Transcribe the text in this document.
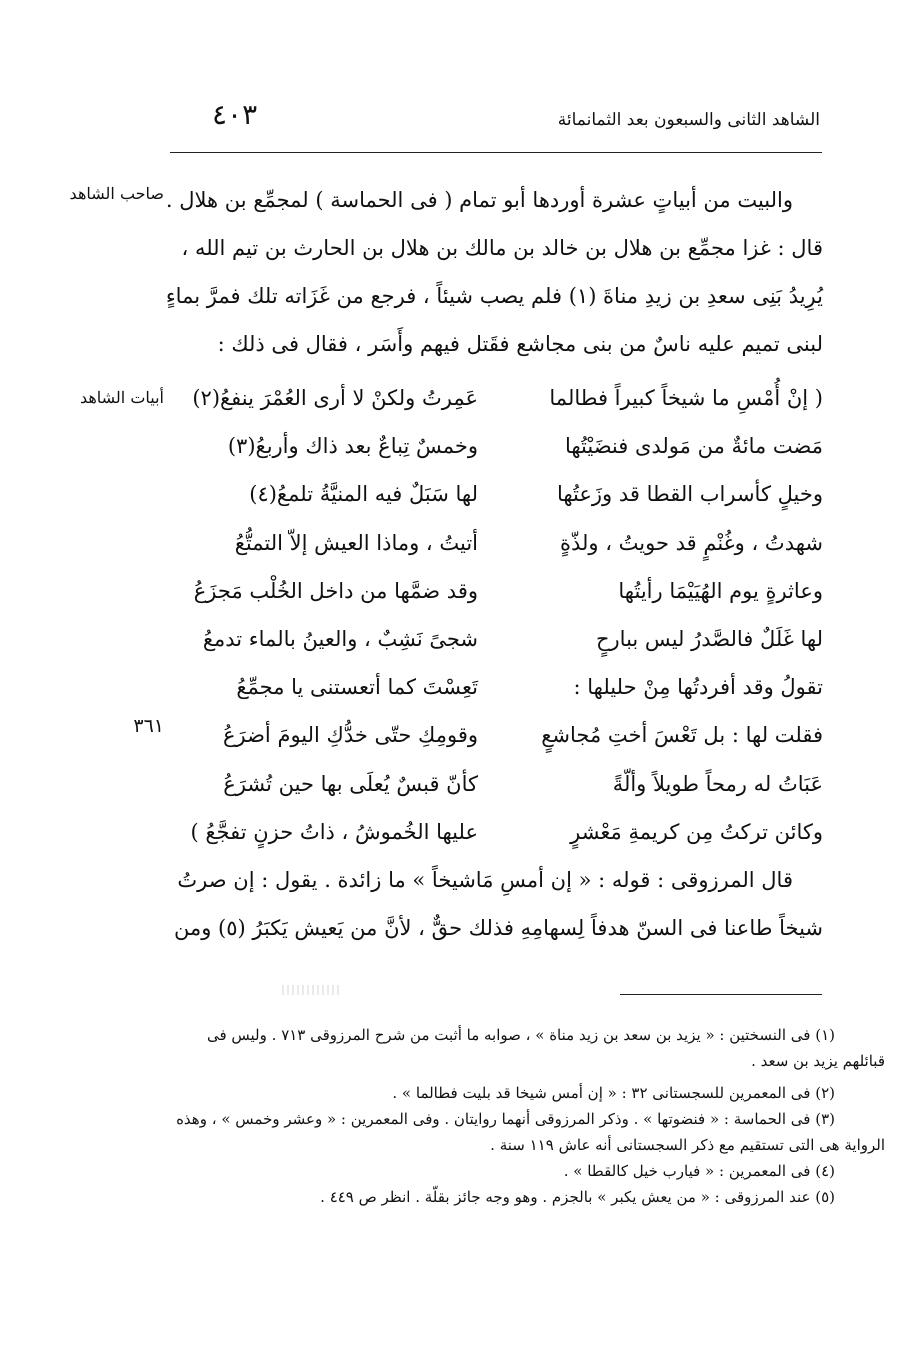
الشاهد الثانى والسبعون بعد الثمانمائة
٤٠٣
صاحب الشاهد
أبيات الشاهد
٣٦١

والبيت من أبياتٍ عشرة أوردها أبو تمام ( فى الحماسة ) لمجمِّع بن هلال .

قال : غزا مجمِّع بن هلال بن خالد بن مالك بن هلال بن الحارث بن تيم الله ،

يُرِيدُ بَنِى سعدِ بن زيدِ مناةَ (١) فلم يصب شيئاً ، فرجع من غَزَاته تلك فمرَّ بماءٍ

لبنى تميم عليه ناسٌ من بنى مجاشع فقَتل فيهم وأَسَر ، فقال فى ذلك :

( إنْ أُمْسِ ما شيخاً كبيراً فطالما
عَمِرتُ ولكنْ لا أرى العُمْرَ ينفعُ(٢)
مَضت مائةٌ من مَولدى فنضَيْتُها
وخمسٌ تِباعٌ بعد ذاك وأربعُ(٣)
وخيلٍ كأسراب القطا قد وزَعتُها
لها سَبَلٌ فيه المنيَّةُ تلمعُ(٤)
شهدتُ ، وغُنْمٍ قد حويتُ ، ولذّةٍ
أتيتُ ، وماذا العيش إلاّ التمتُّعُ
وعاثرةٍ يوم الهُيَيْمَا رأيتُها
وقد ضمَّها من داخل الخُلْب مَجزَعُ
لها غَلَلٌ فالصَّدرُ ليس ببارحٍ
شجىً نَشِبٌ ، والعينُ بالماء تدمعُ
تقولُ وقد أفردتُها مِنْ حليلها :
تَعِسْتَ كما أتعستنى يا مجمِّعُ
فقلت لها : بل تَعْسَ أختِ مُجاشعٍ
وقومِكِ حتّى خدُّكِ اليومَ أضرَعُ
عَبَاتُ له رمحاً طويلاً وألّةً
كأنّ قبسٌ يُعلَى بها حين تُشرَعُ
وكائن تركتُ مِن كريمةِ مَعْشرٍ
عليها الخُموشُ ، ذاتُ حزنٍ تفجَّعُ )

قال المرزوقى : قوله : « إن أمسِ مَاشيخاً » ما زائدة . يقول : إن صرتُ

شيخاً طاعنا فى السنّ هدفاً لِسهامِهِ فذلك حقٌّ ، لأنَّ من يَعيش يَكبَرُ (٥) ومن

(١) فى النسختين : « يزيد بن سعد بن زيد مناة » ، صوابه ما أثبت من شرح المرزوقى ٧١٣ . وليس فى

قبائلهم يزيد بن سعد .

(٢) فى المعمرين للسجستانى ٣٢ : « إن أمس شيخا قد بليت فطالما » .

(٣) فى الحماسة : « فنضوتها » . وذكر المرزوقى أنهما روايتان . وفى المعمرين : « وعشر وخمس » ، وهذه

الرواية هى التى تستقيم مع ذكر السجستانى أنه عاش ١١٩ سنة .

(٤) فى المعمرين : « فيارب خيل كالقطا » .

(٥) عند المرزوقى : « من يعش يكبر » بالجزم . وهو وجه جائز بقلّة . انظر ص ٤٤٩ .
